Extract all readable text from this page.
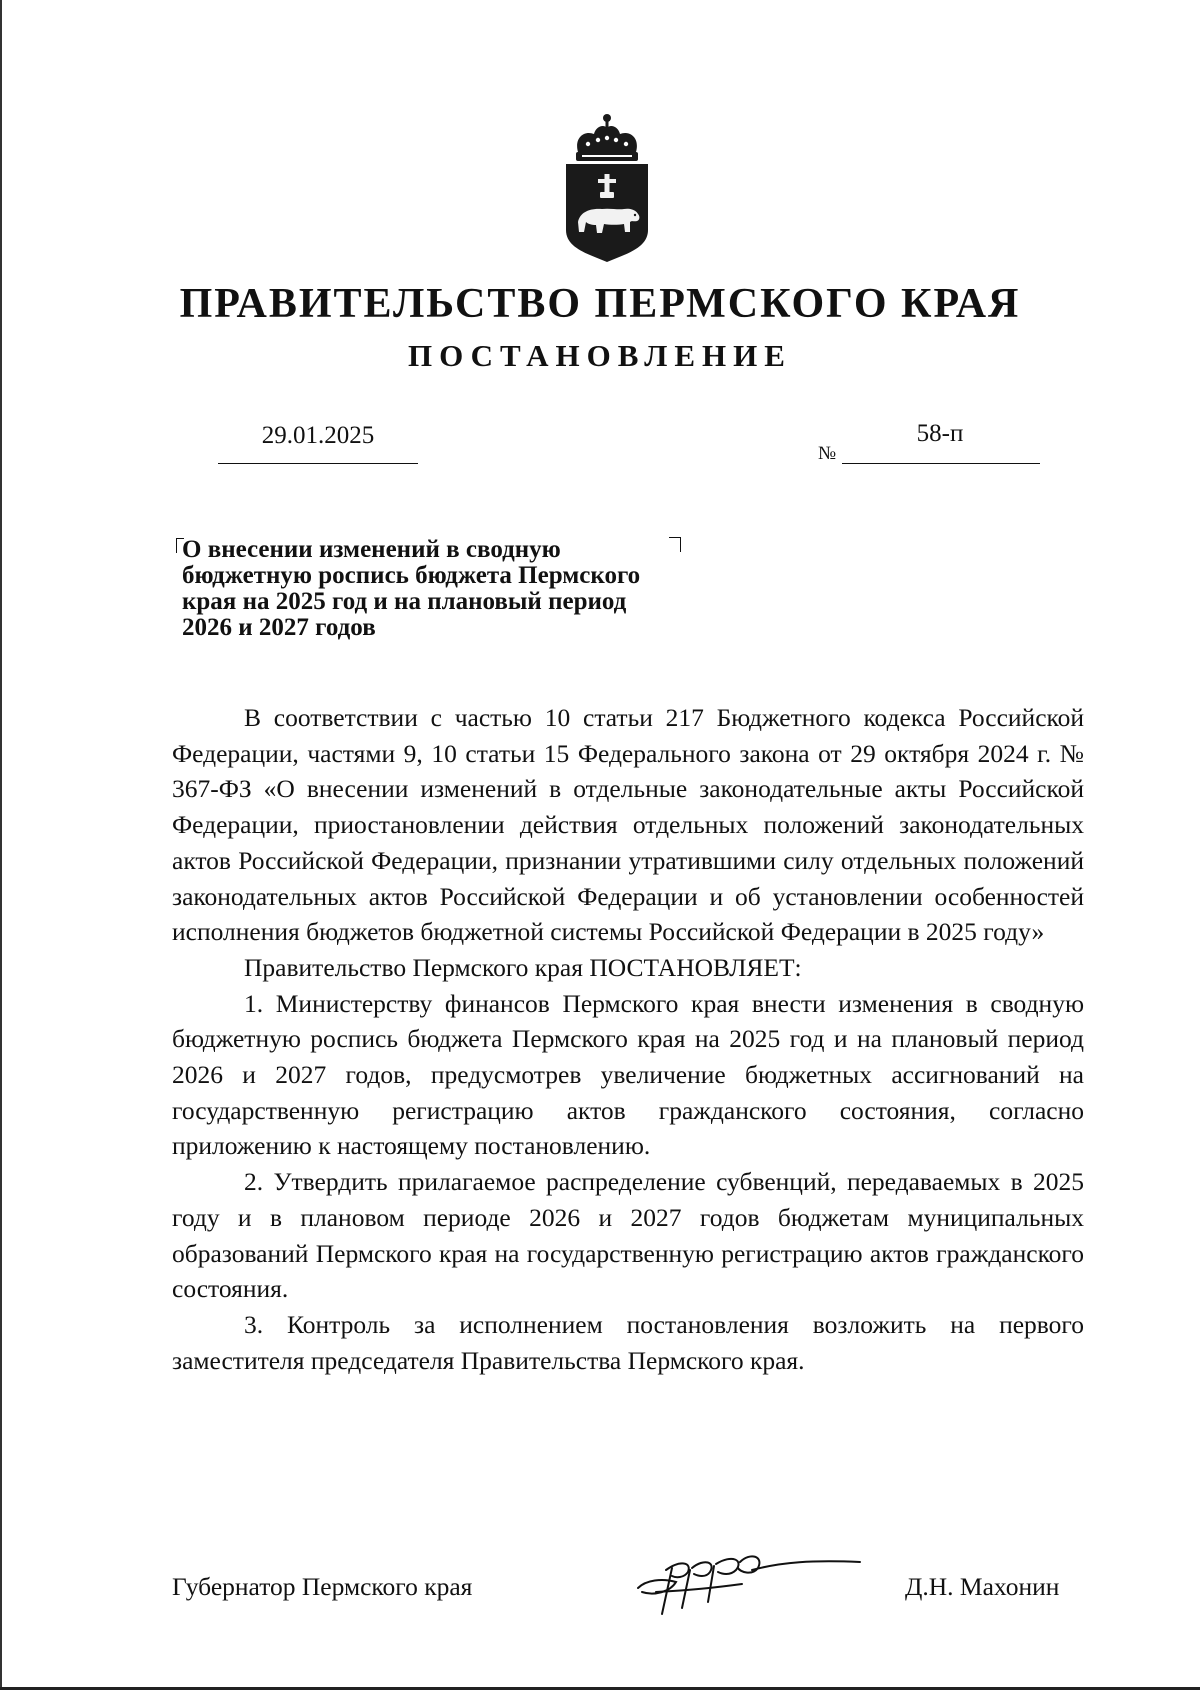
ПРАВИТЕЛЬСТВО ПЕРМСКОГО КРАЯ
ПОСТАНОВЛЕНИЕ
29.01.2025
№
58-п
О внесении изменений в сводную
бюджетную роспись бюджета Пермского
края на 2025 год и на плановый период
2026 и 2027 годов

В соответствии с частью 10 статьи 217 Бюджетного кодекса Российской Федерации, частями 9, 10 статьи 15 Федерального закона от 29 октября 2024 г. № 367-ФЗ «О внесении изменений в отдельные законодательные акты Российской Федерации, приостановлении действия отдельных положений законодательных актов Российской Федерации, признании утратившими силу отдельных положений законодательных актов Российской Федерации и об установлении особенностей исполнения бюджетов бюджетной системы Российской Федерации в 2025 году»

Правительство Пермского края ПОСТАНОВЛЯЕТ:

1. Министерству финансов Пермского края внести изменения в сводную бюджетную роспись бюджета Пермского края на 2025 год и на плановый период 2026 и 2027 годов, предусмотрев увеличение бюджетных ассигнований на государственную регистрацию актов гражданского состояния, согласно приложению к настоящему постановлению.

2. Утвердить прилагаемое распределение субвенций, передаваемых в 2025 году и в плановом периоде 2026 и 2027 годов бюджетам муниципальных образований Пермского края на государственную регистрацию актов гражданского состояния.

3. Контроль за исполнением постановления возложить на первого заместителя председателя Правительства Пермского края.

Губернатор Пермского края	Д.Н. Махонин
